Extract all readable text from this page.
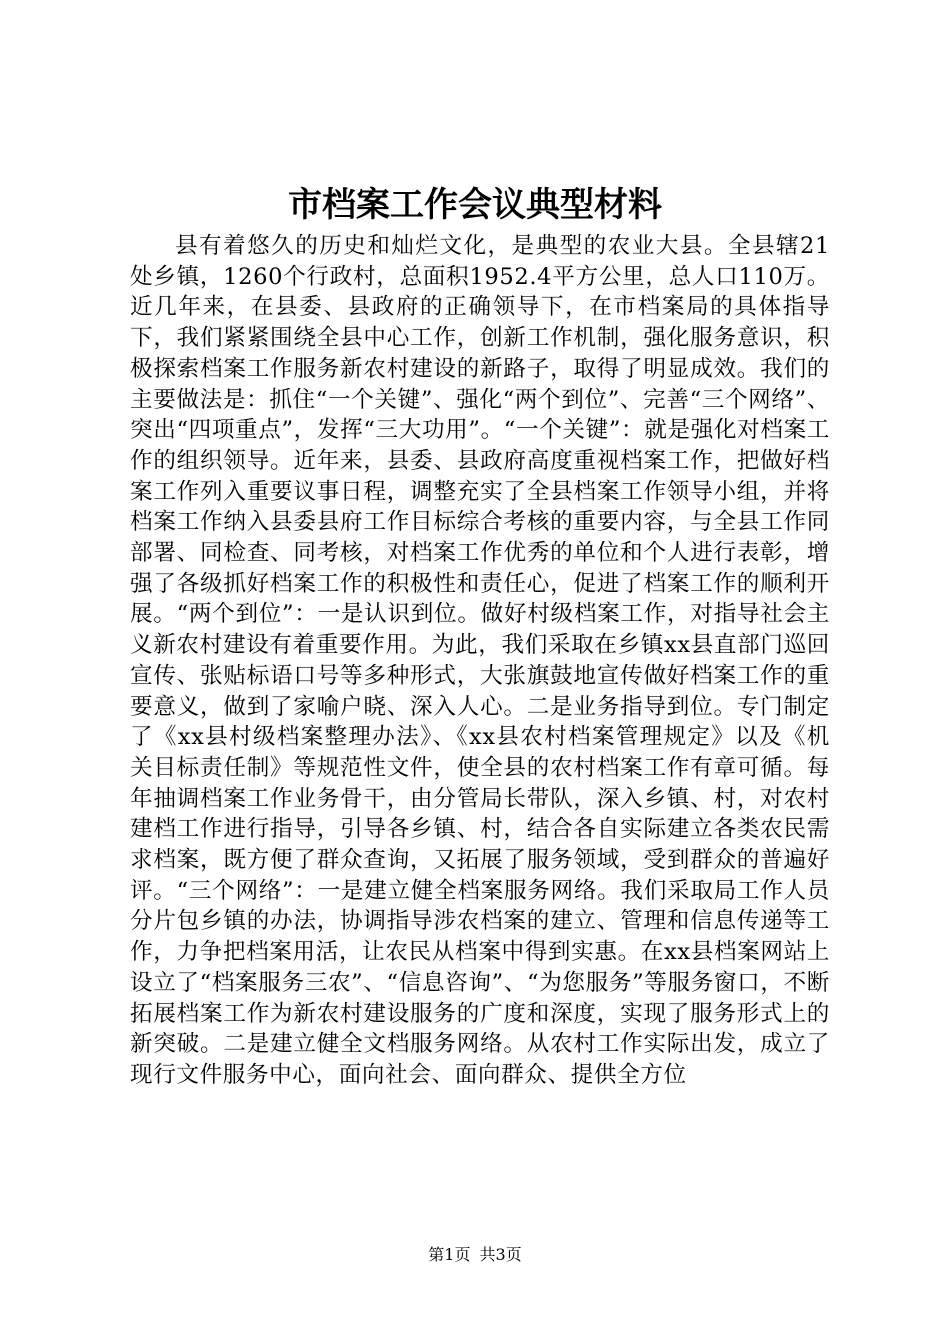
市档案工作会议典型材料

县有着悠久的历史和灿烂文化，是典型的农业大县。全县辖21处乡镇，1260个行政村，总面积1952.4平方公里，总人口110万。近几年来，在县委、县政府的正确领导下，在市档案局的具体指导下，我们紧紧围绕全县中心工作，创新工作机制，强化服务意识，积极探索档案工作服务新农村建设的新路子，取得了明显成效。我们的主要做法是：抓住“一个关键”、强化“两个到位”、完善“三个网络”、突出“四项重点”，发挥“三大功用”。“一个关键”：就是强化对档案工作的组织领导。近年来，县委、县政府高度重视档案工作，把做好档案工作列入重要议事日程，调整充实了全县档案工作领导小组，并将档案工作纳入县委县府工作目标综合考核的重要内容，与全县工作同部署、同检查、同考核，对档案工作优秀的单位和个人进行表彰，增强了各级抓好档案工作的积极性和责任心，促进了档案工作的顺利开展。“两个到位”：一是认识到位。做好村级档案工作，对指导社会主义新农村建设有着重要作用。为此，我们采取在乡镇xx县直部门巡回宣传、张贴标语口号等多种形式，大张旗鼓地宣传做好档案工作的重要意义，做到了家喻户晓、深入人心。二是业务指导到位。专门制定了《xx县村级档案整理办法》、《xx县农村档案管理规定》以及《机关目标责任制》等规范性文件，使全县的农村档案工作有章可循。每年抽调档案工作业务骨干，由分管局长带队，深入乡镇、村，对农村建档工作进行指导，引导各乡镇、村，结合各自实际建立各类农民需求档案，既方便了群众查询，又拓展了服务领域，受到群众的普遍好评。“三个网络”：一是建立健全档案服务网络。我们采取局工作人员分片包乡镇的办法，协调指导涉农档案的建立、管理和信息传递等工作，力争把档案用活，让农民从档案中得到实惠。在xx县档案网站上设立了“档案服务三农”、“信息咨询”、“为您服务”等服务窗口，不断拓展档案工作为新农村建设服务的广度和深度，实现了服务形式上的新突破。二是建立健全文档服务网络。从农村工作实际出发，成立了现行文件服务中心，面向社会、面向群众、提供全方位

第1页 共3页
